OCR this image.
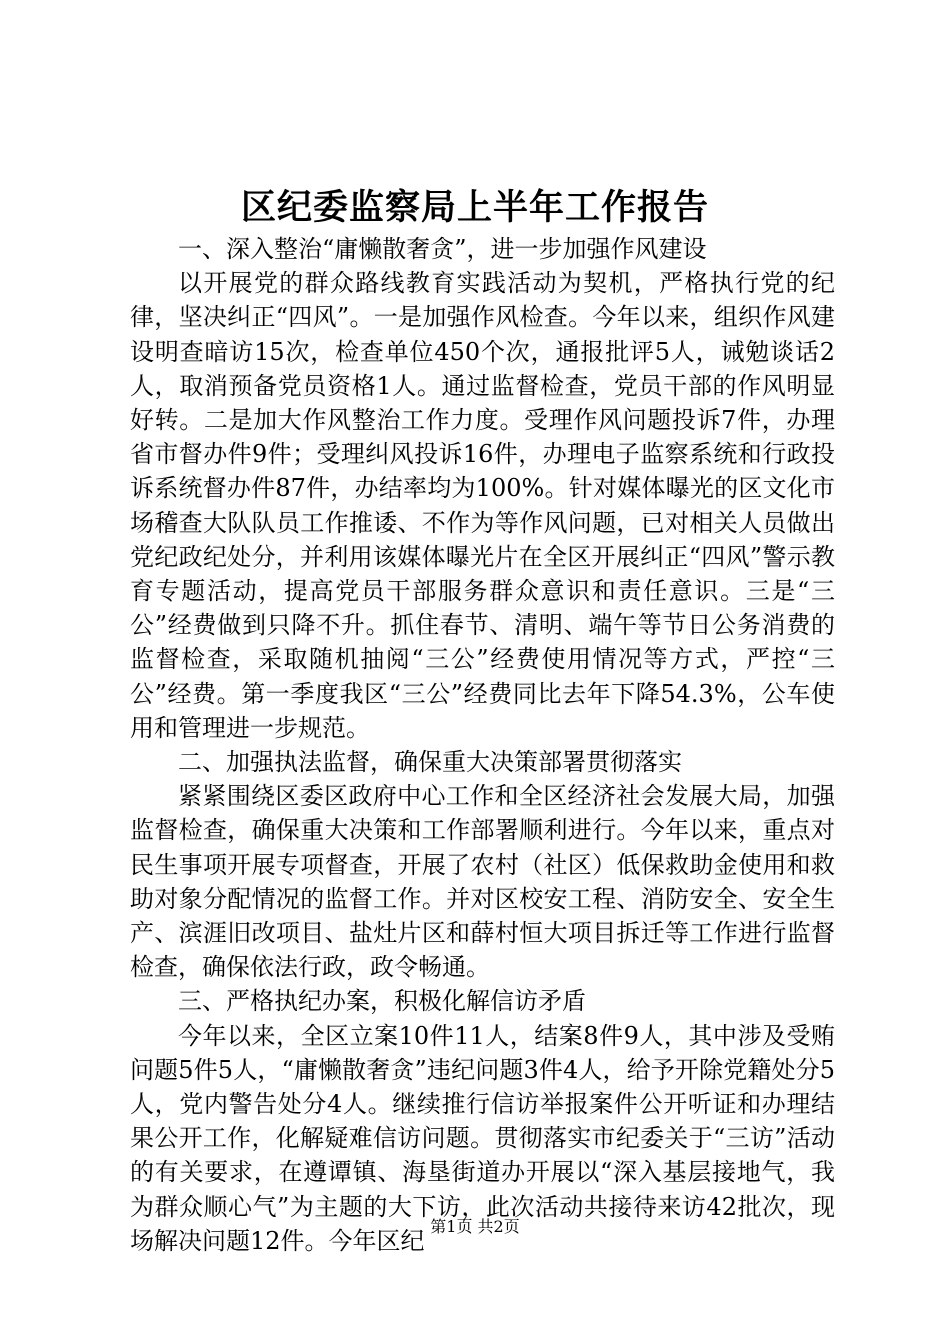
区纪委监察局上半年工作报告

一、深入整治“庸懒散奢贪”，进一步加强作风建设

以开展党的群众路线教育实践活动为契机，严格执行党的纪律，坚决纠正“四风”。一是加强作风检查。今年以来，组织作风建设明查暗访15次，检查单位450个次，通报批评5人，诫勉谈话2人，取消预备党员资格1人。通过监督检查，党员干部的作风明显好转。二是加大作风整治工作力度。受理作风问题投诉7件，办理省市督办件9件；受理纠风投诉16件，办理电子监察系统和行政投诉系统督办件87件，办结率均为100%。针对媒体曝光的区文化市场稽查大队队员工作推诿、不作为等作风问题，已对相关人员做出党纪政纪处分，并利用该媒体曝光片在全区开展纠正“四风”警示教育专题活动，提高党员干部服务群众意识和责任意识。三是“三公”经费做到只降不升。抓住春节、清明、端午等节日公务消费的监督检查，采取随机抽阅“三公”经费使用情况等方式，严控“三公”经费。第一季度我区“三公”经费同比去年下降54.3%，公车使用和管理进一步规范。

二、加强执法监督，确保重大决策部署贯彻落实

紧紧围绕区委区政府中心工作和全区经济社会发展大局，加强监督检查，确保重大决策和工作部署顺利进行。今年以来，重点对民生事项开展专项督查，开展了农村（社区）低保救助金使用和救助对象分配情况的监督工作。并对区校安工程、消防安全、安全生产、滨涯旧改项目、盐灶片区和薛村恒大项目拆迁等工作进行监督检查，确保依法行政，政令畅通。

三、严格执纪办案，积极化解信访矛盾

今年以来，全区立案10件11人，结案8件9人，其中涉及受贿问题5件5人，“庸懒散奢贪”违纪问题3件4人，给予开除党籍处分5人，党内警告处分4人。继续推行信访举报案件公开听证和办理结果公开工作，化解疑难信访问题。贯彻落实市纪委关于“三访”活动的有关要求，在遵谭镇、海垦街道办开展以“深入基层接地气，我为群众顺心气”为主题的大下访，此次活动共接待来访42批次，现场解决问题12件。今年区纪

第1页 共2页
